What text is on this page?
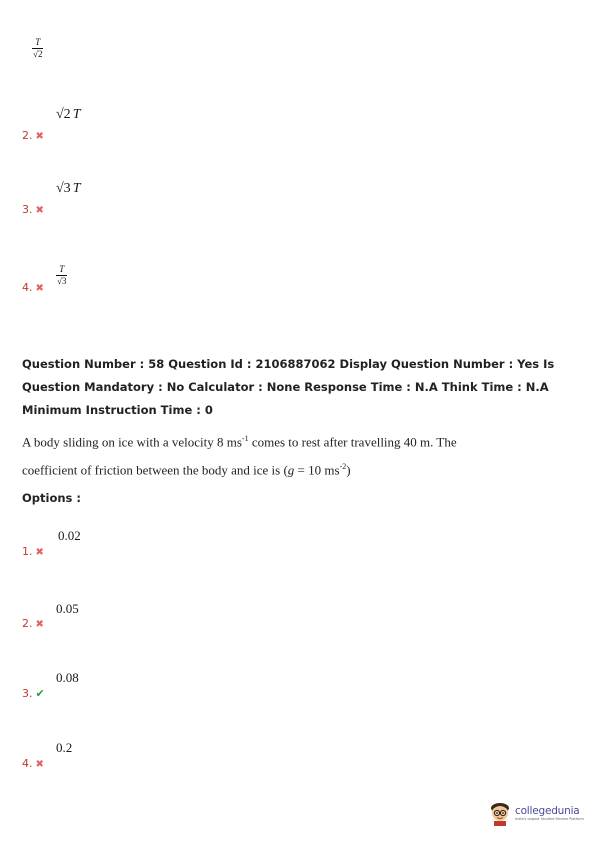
$\frac{T}{√2}$
√2 T
2. ✖
√3 T
3. ✖
$\frac{T}{√3}$
4. ✖
Question Number : 58 Question Id : 2106887062 Display Question Number : Yes Is Question Mandatory : No Calculator : None Response Time : N.A Think Time : N.A Minimum Instruction Time : 0
A body sliding on ice with a velocity 8 $ms^{-1}$ comes to rest after travelling 40 m. The
coefficient of friction between the body and ice is (g = 10 $ms^{-2}$)
Options :
0.02
1. ✖
0.05
2. ✖
0.08
3. ✔
0.2
4. ✖
collegedunia
India's largest Student Review Platform
